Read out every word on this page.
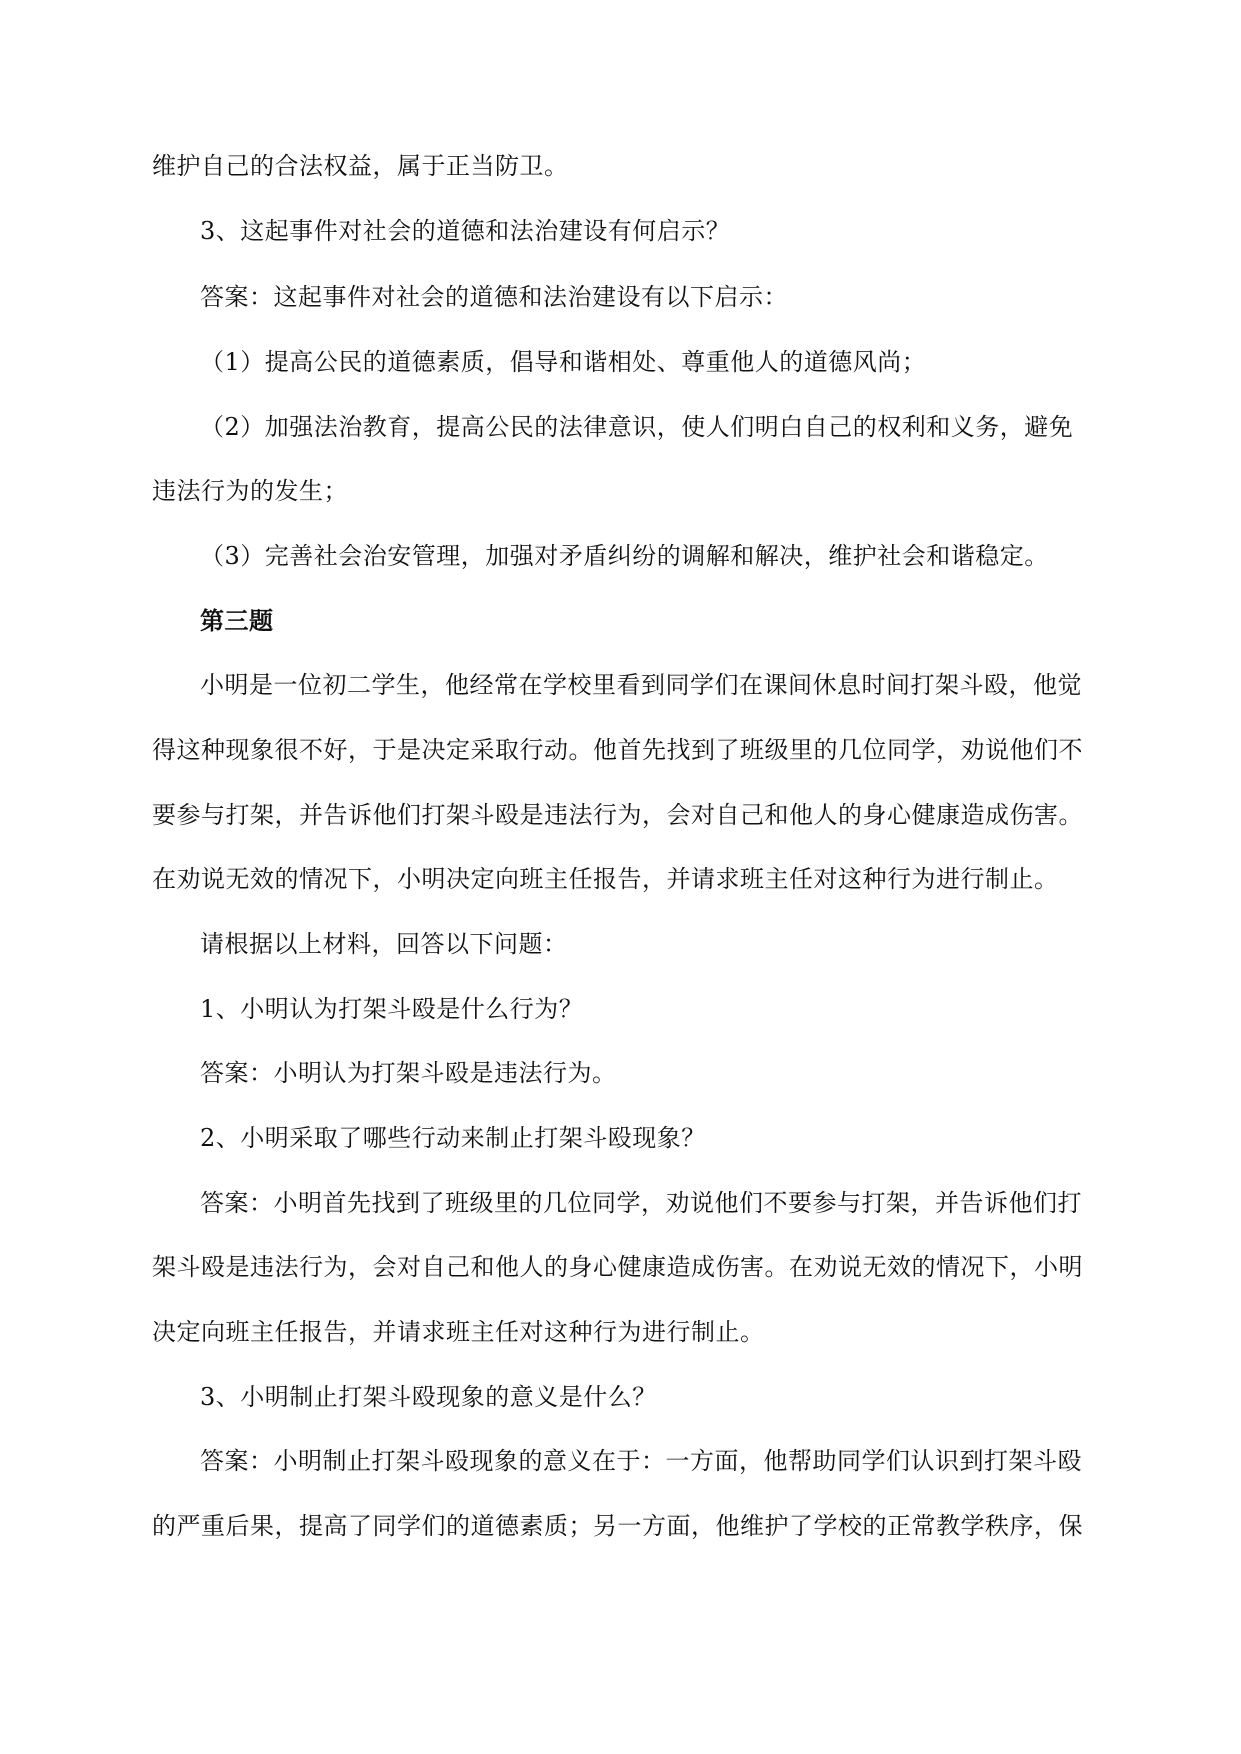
维护自己的合法权益，属于正当防卫。
3、这起事件对社会的道德和法治建设有何启示？
答案：这起事件对社会的道德和法治建设有以下启示：
（1）提高公民的道德素质，倡导和谐相处、尊重他人的道德风尚；
（2）加强法治教育，提高公民的法律意识，使人们明白自己的权利和义务，避免
违法行为的发生；
（3）完善社会治安管理，加强对矛盾纠纷的调解和解决，维护社会和谐稳定。
第三题
小明是一位初二学生，他经常在学校里看到同学们在课间休息时间打架斗殴，他觉
得这种现象很不好，于是决定采取行动。他首先找到了班级里的几位同学，劝说他们不
要参与打架，并告诉他们打架斗殴是违法行为，会对自己和他人的身心健康造成伤害。
在劝说无效的情况下，小明决定向班主任报告，并请求班主任对这种行为进行制止。
请根据以上材料，回答以下问题：
1、小明认为打架斗殴是什么行为？
答案：小明认为打架斗殴是违法行为。
2、小明采取了哪些行动来制止打架斗殴现象？
答案：小明首先找到了班级里的几位同学，劝说他们不要参与打架，并告诉他们打
架斗殴是违法行为，会对自己和他人的身心健康造成伤害。在劝说无效的情况下，小明
决定向班主任报告，并请求班主任对这种行为进行制止。
3、小明制止打架斗殴现象的意义是什么？
答案：小明制止打架斗殴现象的意义在于：一方面，他帮助同学们认识到打架斗殴
的严重后果，提高了同学们的道德素质；另一方面，他维护了学校的正常教学秩序，保
